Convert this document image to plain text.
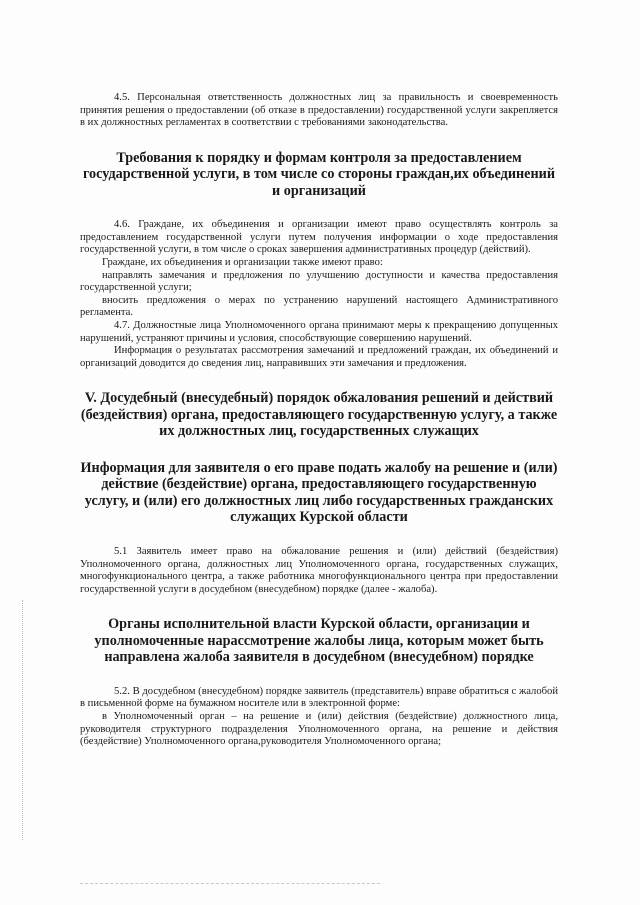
4.5. Персональная ответственность должностных лиц за правильность и своевременность принятия решения о предоставлении (об отказе в предоставлении) государственной услуги закрепляется в их должностных регламентах в соответствии с требованиями законодательства.

Требования к порядку и формам контроля за предоставлением государственной услуги, в том числе со стороны граждан,их объединений и организаций

4.6. Граждане, их объединения и организации имеют право осуществлять контроль за предоставлением государственной услуги путем получения информации о ходе предоставления государственной услуги, в том числе о сроках завершения административных процедур (действий).

Граждане, их объединения и организации также имеют право:

направлять замечания и предложения по улучшению доступности и качества предоставления государственной услуги;

вносить предложения о мерах по устранению нарушений настоящего Административного регламента.

4.7. Должностные лица Уполномоченного органа принимают меры к прекращению допущенных нарушений, устраняют причины и условия, способствующие совершению нарушений.

Информация о результатах рассмотрения замечаний и предложений граждан, их объединений и организаций доводится до сведения лиц, направивших эти замечания и предложения.

V. Досудебный (внесудебный) порядок обжалования решений и действий (бездействия) органа, предоставляющего государственную услугу, а также их должностных лиц, государственных служащих
Информация для заявителя о его праве подать жалобу на решение и (или) действие (бездействие) органа, предоставляющего государственную услугу, и (или) его должностных лиц либо государственных гражданских служащих Курской области

5.1 Заявитель имеет право на обжалование решения и (или) действий (бездействия) Уполномоченного органа, должностных лиц Уполномоченного органа, государственных служащих, многофункционального центра, а также работника многофункционального центра при предоставлении государственной услуги в досудебном (внесудебном) порядке (далее - жалоба).

Органы исполнительной власти Курской области, организации и уполномоченные нарассмотрение жалобы лица, которым может быть направлена жалоба заявителя в досудебном (внесудебном) порядке

5.2. В досудебном (внесудебном) порядке заявитель (представитель) вправе обратиться с жалобой в письменной форме на бумажном носителе или в электронной форме:

в Уполномоченный орган – на решение и (или) действия (бездействие) должностного лица, руководителя структурного подразделения Уполномоченного органа, на решение и действия (бездействие) Уполномоченного органа,руководителя Уполномоченного органа;
